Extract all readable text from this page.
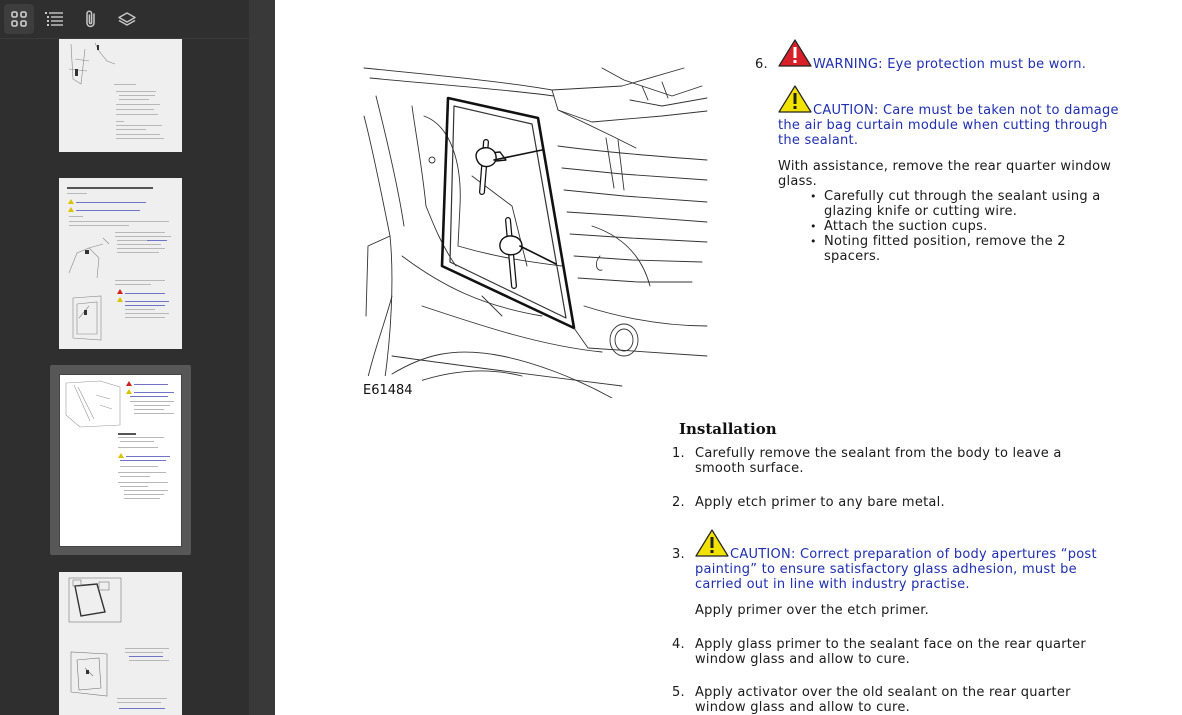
E61484
6.	WARNING: Eye protection must be worn.
CAUTION: Care must be taken not to damage the air bag curtain module when cutting through the sealant.
With assistance, remove the rear quarter window glass.
• Carefully cut through the sealant using a glazing knife or cutting wire.
• Attach the suction cups.
• Noting fitted position, remove the 2 spacers.
Installation
1. Carefully remove the sealant from the body to leave a smooth surface.
2. Apply etch primer to any bare metal.
3.	CAUTION: Correct preparation of body apertures “post painting” to ensure satisfactory glass adhesion, must be carried out in line with industry practise.
Apply primer over the etch primer.
4. Apply glass primer to the sealant face on the rear quarter window glass and allow to cure.
5. Apply activator over the old sealant on the rear quarter window glass and allow to cure.
